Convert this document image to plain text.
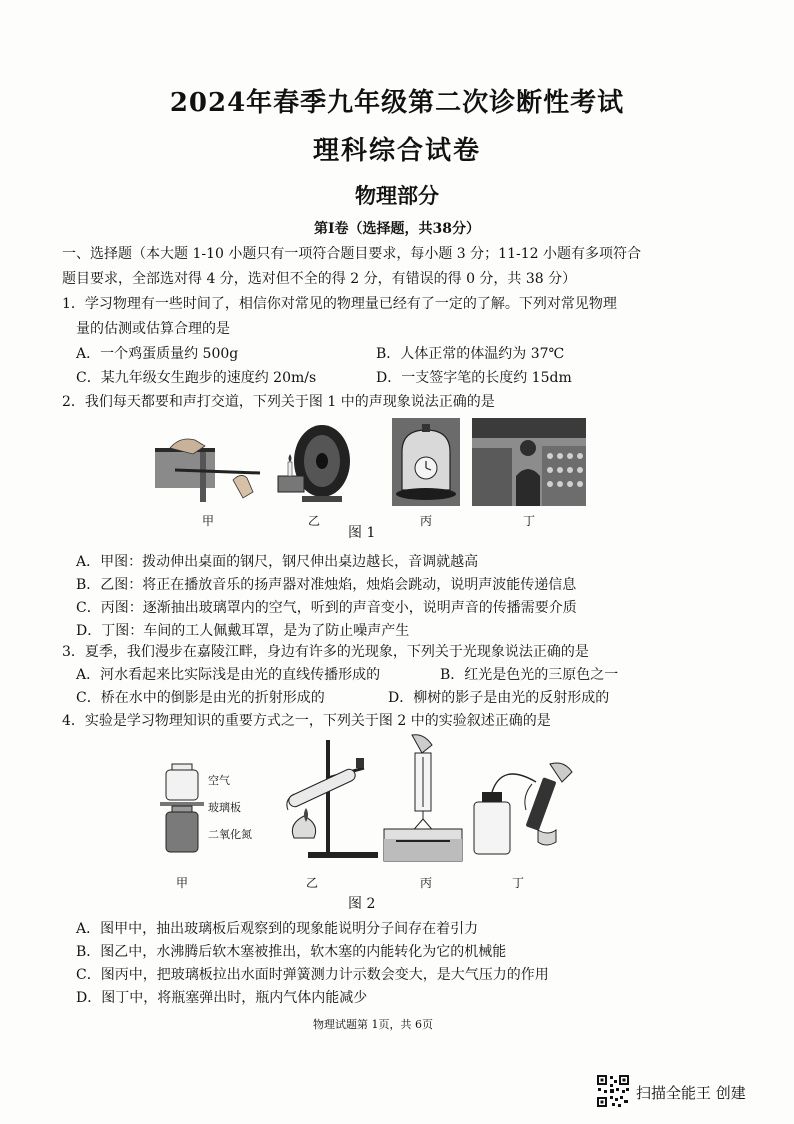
2024年春季九年级第二次诊断性考试
理科综合试卷
物理部分
第Ⅰ卷（选择题，共38分）
一、选择题（本大题 1-10 小题只有一项符合题目要求，每小题 3 分；11-12 小题有多项符合
题目要求，全部选对得 4 分，选对但不全的得 2 分，有错误的得 0 分，共 38 分）
1．学习物理有一些时间了，相信你对常见的物理量已经有了一定的了解。下列对常见物理
量的估测或估算合理的是
A．一个鸡蛋质量约 500g	B．人体正常的体温约为 37℃
C．某九年级女生跑步的速度约 20m/s	D．一支签字笔的长度约 15dm
2．我们每天都要和声打交道，下列关于图 1 中的声现象说法正确的是
甲	乙	丙	丁
图 1
A．甲图：拨动伸出桌面的钢尺，钢尺伸出桌边越长，音调就越高
B．乙图：将正在播放音乐的扬声器对准烛焰，烛焰会跳动，说明声波能传递信息
C．丙图：逐渐抽出玻璃罩内的空气，听到的声音变小，说明声音的传播需要介质
D．丁图：车间的工人佩戴耳罩，是为了防止噪声产生
3．夏季，我们漫步在嘉陵江畔，身边有许多的光现象，下列关于光现象说法正确的是
A．河水看起来比实际浅是由光的直线传播形成的	B．红光是色光的三原色之一
C．桥在水中的倒影是由光的折射形成的	D．柳树的影子是由光的反射形成的
4．实验是学习物理知识的重要方式之一，下列关于图 2 中的实验叙述正确的是
空气
玻璃板
二氧化氮
甲	乙	丙	丁
图 2
A．图甲中，抽出玻璃板后观察到的现象能说明分子间存在着引力
B．图乙中，水沸腾后软木塞被推出，软木塞的内能转化为它的机械能
C．图丙中，把玻璃板拉出水面时弹簧测力计示数会变大，是大气压力的作用
D．图丁中，将瓶塞弹出时，瓶内气体内能减少
物理试题第 1页，共 6页
扫描全能王 创建
